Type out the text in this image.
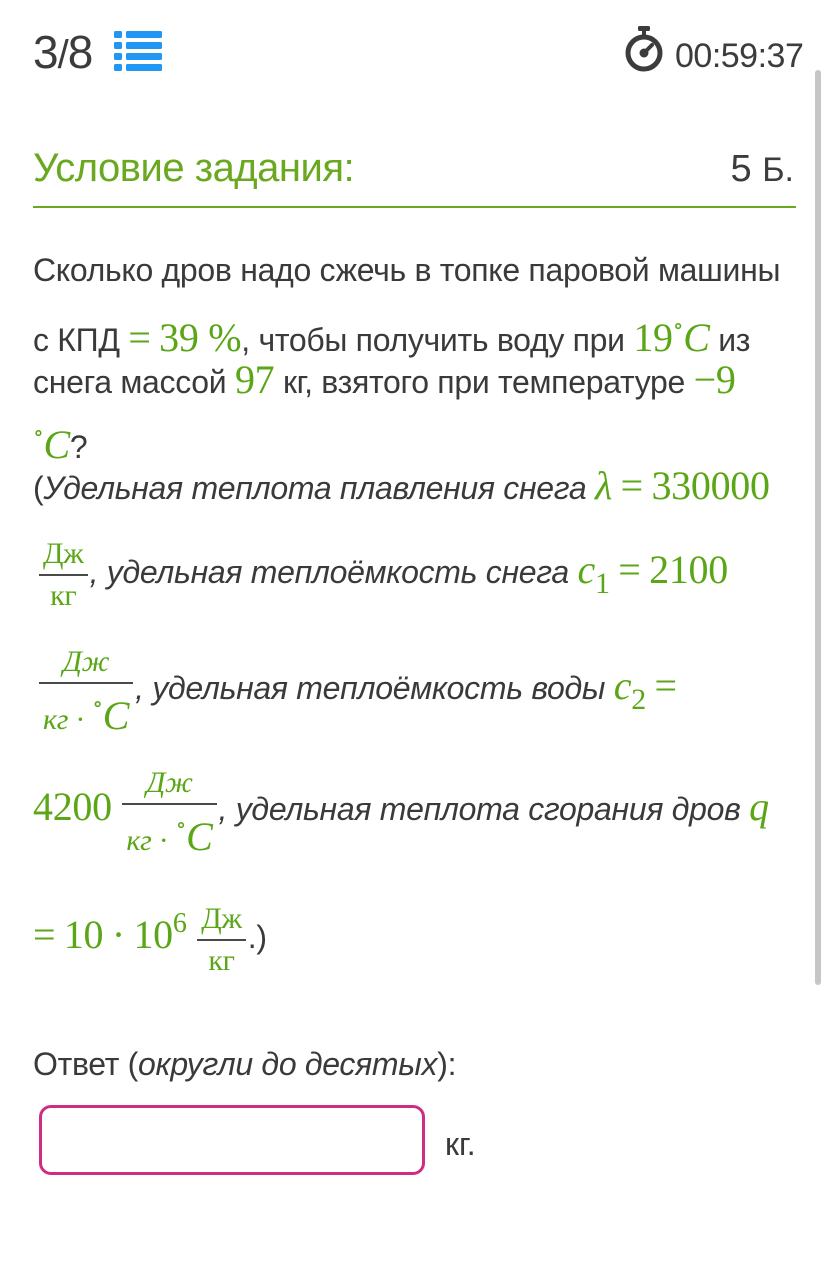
3/8	00:59:37
Условие задания:	5 Б.
Сколько дров надо сжечь в топке паровой машины
с КПД = 39 %, чтобы получить воду при 19∘C из
снега массой 97 кг, взятого при температуре −9
∘C?
(Удельная теплота плавления снега λ = 330000
$\frac{Дж}{кг}$ , удельная теплоёмкость снега c1 = 2100
$\frac{Дж}{кг \cdot ^\circ C}$ , удельная теплоёмкость воды c2 =
$4200 \frac{Дж}{кг \cdot ^\circ C}$ , удельная теплота сгорания дров q
= $10 \cdot 106 \frac{Дж}{кг}$ .)
Ответ (округли до десятых):
кг.
